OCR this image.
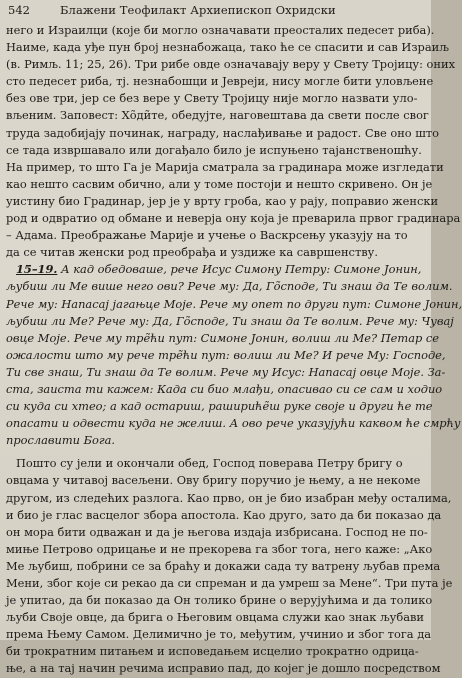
542	Блажени Теофилакт Архиепископ Охридски
него и Израилци (које би могло означавати преосталих педесет риба).
Наиме, када уђе пун број незнабожаца, тако ће се спасити и сав Израиљ
(в. Римљ. 11; 25, 26). Три рибе овде означавају веру у Свету Тројицу: оних
сто педесет риба, тј. незнабошци и Јевреји, нису могле бити уловљене
без ове три, јер се без вере у Свету Тројицу није могло назвати уло-
вљеним. Заповест: Хо̃ди̃те, обедујте, наговештава да свети после свог
труда задобијају починак, награду, наслађивање и радост. Све оно што
се тада извршавало или догађало било је испуњено тајанственошћу.
На пример, то што Га је Марија сматрала за градинара може изгледати
као нешто сасвим обично, али у томе постоји и нешто скривено. Он је
уистину био Градинар, јер је у врту гроба, као у рају, поправио женски
род и одвратио од обмане и неверја ону која је преварила првог градинара
– Адама. Преображање Марије и учење о Васкрсењу указују на то
да се читав женски род преобрађа и уздиже ка савршенству.
15–19. А кад обедоваше, рече Исус Симону Петру: Симоне Јонин,
љубиш ли Ме више него ови? Рече му: Да, Го̃споде, Ти знаш да Те волим.
Рече му: Напасај јагањце Моје. Рече му опет по други пут: Симоне Јонин,
љубиш ли Ме? Рече му: Да, Го̃споде, Ти знаш да Те волим. Рече му: Чувај
овце Моје. Рече му тре̃ћи пут: Симоне Јонин, волиш ли Ме? Петар се
ожалости што му рече тре̃ћи пут: волиш ли Ме? И рече Му: Господе,
Ти све знаш, Ти знаш да Те волим. Рече му Исус: Напасај овце Моје. За-
ста, заиста ти кажем: Када си био млађи, опасивао си се сам и ходио
си куда си хтео; а кад остариш, рашириће̃ш руке своје и други ће те
опасати и одвести куда не желиш. А ово рече указујући каквом ће смрћу
прославити Бога.
Пошто су јели и окончали обед, Господ поверава Петру бригу о
овцама у читавој васељени. Ову бригу поручио је њему, а не некоме
другом, из следећих разлога. Као прво, он је био изабран међу осталима,
и био је глас васцелог збора апостола. Као друго, зато да би показао да
он мора бити одважан и да је његова издаја избрисана. Господ не по-
миње Петрово одрицање и не прекорева га због тога, него каже: „Ако
Ме љубиш, побрини се за браћу и докажи сада ту ватрену љубав према
Мени, због које си рекао да си спреман и да умреш за Мене“. Три пута је
је упитао, да би показао да Он толико брине о верујућима и да толико
љуби Своје овце, да брига о Његовим овцама служи као знак љубави
према Њему Самом. Делимично је то, међутим, учинио и због тога да
би трократним питањем и исповедањем исцелио трократно одрица-
ње, а на тај начин речима исправио пад, до којег је дошло посредством
